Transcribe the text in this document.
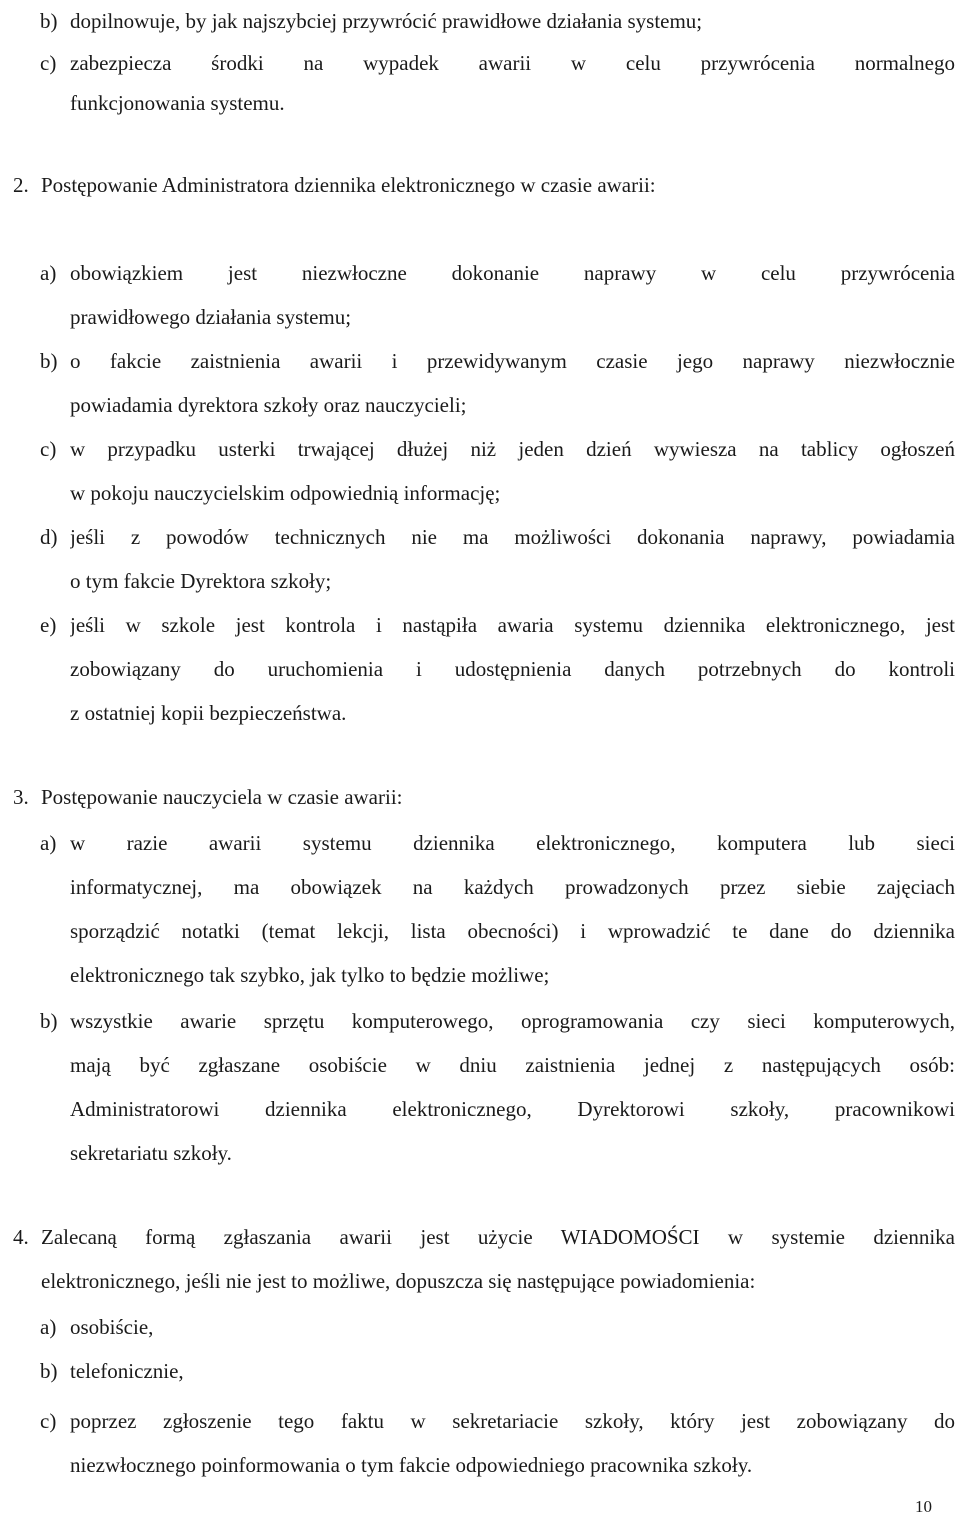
b) dopilnowuje, by jak najszybciej przywrócić prawidłowe działania systemu;
c) zabezpiecza środki na wypadek awarii w celu przywrócenia normalnego
funkcjonowania systemu.
2. Postępowanie Administratora dziennika elektronicznego w czasie awarii:
a) obowiązkiem jest niezwłoczne dokonanie naprawy w celu przywrócenia
prawidłowego działania systemu;
b) o fakcie zaistnienia awarii i przewidywanym czasie jego naprawy niezwłocznie
powiadamia dyrektora szkoły oraz nauczycieli;
c) w przypadku usterki trwającej dłużej niż jeden dzień wywiesza na tablicy ogłoszeń
w pokoju nauczycielskim odpowiednią informację;
d) jeśli z powodów technicznych nie ma możliwości dokonania naprawy, powiadamia
o tym fakcie Dyrektora szkoły;
e) jeśli w szkole jest kontrola i nastąpiła awaria systemu dziennika elektronicznego, jest
zobowiązany do uruchomienia i udostępnienia danych potrzebnych do kontroli
z ostatniej kopii bezpieczeństwa.
3. Postępowanie nauczyciela w czasie awarii:
a) w razie awarii systemu dziennika elektronicznego, komputera lub sieci
informatycznej, ma obowiązek na każdych prowadzonych przez siebie zajęciach
sporządzić notatki (temat lekcji, lista obecności) i wprowadzić te dane do dziennika
elektronicznego tak szybko, jak tylko to będzie możliwe;
b) wszystkie awarie sprzętu komputerowego, oprogramowania czy sieci komputerowych,
mają być zgłaszane osobiście w dniu zaistnienia jednej z następujących osób:
Administratorowi dziennika elektronicznego, Dyrektorowi szkoły, pracownikowi
sekretariatu szkoły.
4. Zalecaną formą zgłaszania awarii jest użycie WIADOMOŚCI w systemie dziennika
elektronicznego, jeśli nie jest to możliwe, dopuszcza się następujące powiadomienia:
a) osobiście,
b) telefonicznie,
c) poprzez zgłoszenie tego faktu w sekretariacie szkoły, który jest zobowiązany do
niezwłocznego poinformowania o tym fakcie odpowiedniego pracownika szkoły.
10
